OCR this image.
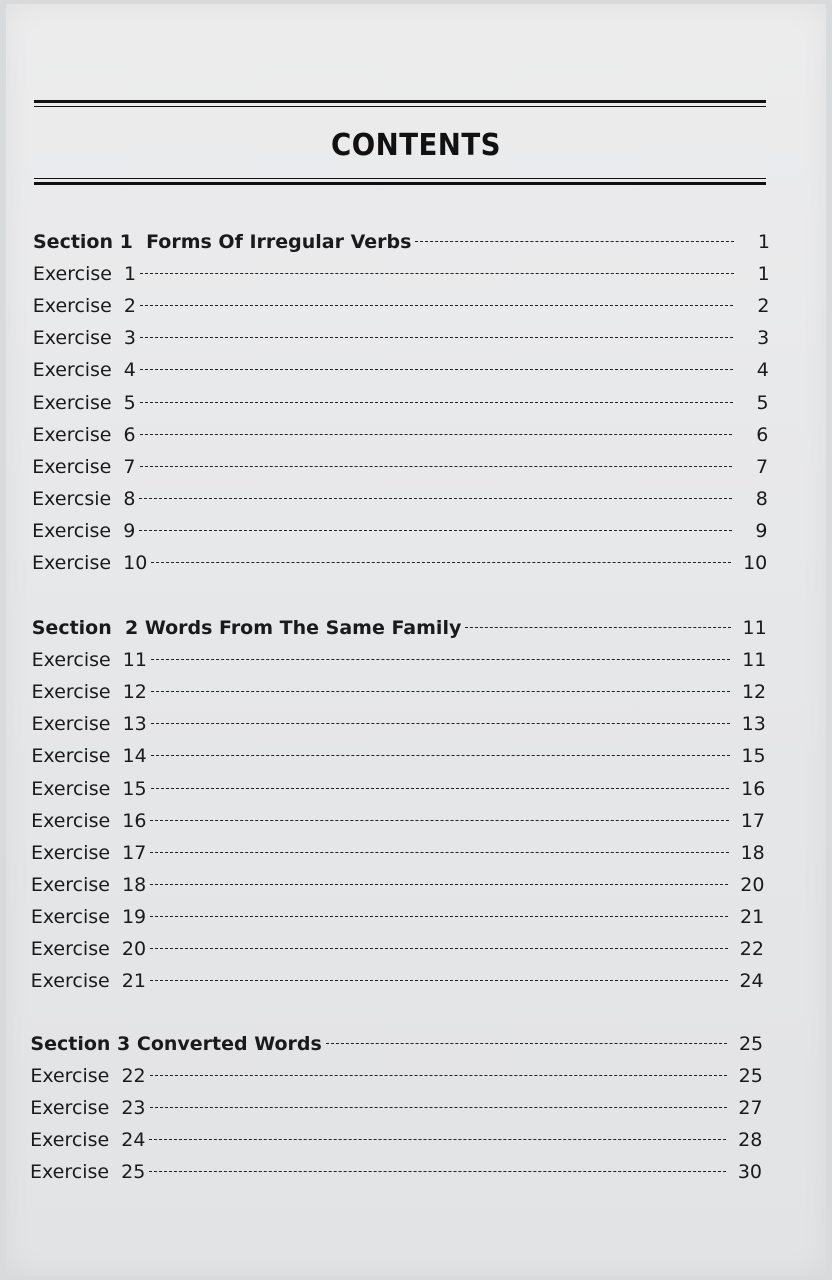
CONTENTS
Section 1  Forms Of Irregular Verbs	1
Exercise  1	1
Exercise  2	2
Exercise  3	3
Exercise  4	4
Exercise  5	5
Exercise  6	6
Exercise  7	7
Exercsie  8	8
Exercise  9	9
Exercise  10	10
Section  2 Words From The Same Family	11
Exercise  11	11
Exercise  12	12
Exercise  13	13
Exercise  14	15
Exercise  15	16
Exercise  16	17
Exercise  17	18
Exercise  18	20
Exercise  19	21
Exercise  20	22
Exercise  21	24
Section 3 Converted Words	25
Exercise  22	25
Exercise  23	27
Exercise  24	28
Exercise  25	30
